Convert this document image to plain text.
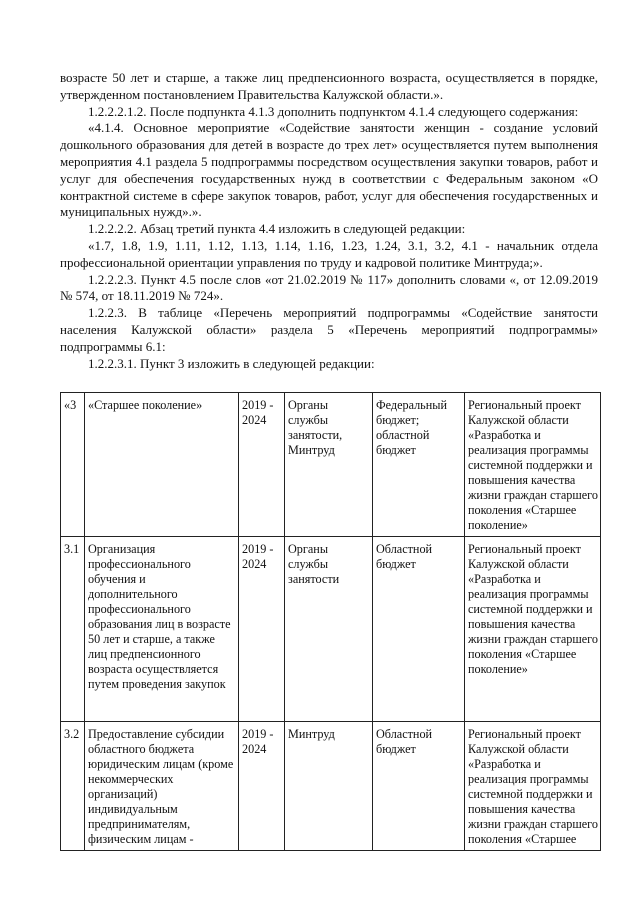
возрасте 50 лет и старше, а также лиц предпенсионного возраста, осуществляется в порядке, утвержденном постановлением Правительства Калужской области.».

1.2.2.2.1.2. После подпункта 4.1.3 дополнить подпунктом 4.1.4 следующего содержания:

«4.1.4. Основное мероприятие «Содействие занятости женщин - создание условий дошкольного образования для детей в возрасте до трех лет» осуществляется путем выполнения мероприятия 4.1 раздела 5 подпрограммы посредством осуществления закупки товаров, работ и услуг для обеспечения государственных нужд в соответствии с Федеральным законом «О контрактной системе в сфере закупок товаров, работ, услуг для обеспечения государственных и муниципальных нужд».».

1.2.2.2.2. Абзац третий пункта 4.4 изложить в следующей редакции:

«1.7, 1.8, 1.9, 1.11, 1.12, 1.13, 1.14, 1.16, 1.23, 1.24, 3.1, 3.2, 4.1 - начальник отдела профессиональной ориентации управления по труду и кадровой политике Минтруда;».

1.2.2.2.3. Пункт 4.5 после слов «от 21.02.2019 № 117» дополнить словами «, от 12.09.2019 № 574, от 18.11.2019 № 724».

1.2.2.3. В таблице «Перечень мероприятий подпрограммы «Содействие занятости населения Калужской области» раздела 5 «Перечень мероприятий подпрограммы» подпрограммы 6.1:

1.2.2.3.1. Пункт 3 изложить в следующей редакции:

«3	«Старшее поколение»	2019 - 2024	Органы службы занятости, Минтруд	Федеральный бюджет; областной бюджет	Региональный проект Калужской области «Разработка и реализация программы системной поддержки и повышения качества жизни граждан старшего поколения «Старшее поколение»
3.1	Организация профессионального обучения и дополнительного профессионального образования лиц в возрасте 50 лет и старше, а также лиц предпенсионного возраста осуществляется путем проведения закупок	2019 - 2024	Органы службы занятости	Областной бюджет	Региональный проект Калужской области «Разработка и реализация программы системной поддержки и повышения качества жизни граждан старшего поколения «Старшее поколение»
3.2	Предоставление субсидии областного бюджета юридическим лицам (кроме некоммерческих организаций) индивидуальным предпринимателям, физическим лицам -	2019 - 2024	Минтруд	Областной бюджет	Региональный проект Калужской области «Разработка и реализация программы системной поддержки и повышения качества жизни граждан старшего поколения «Старшее
